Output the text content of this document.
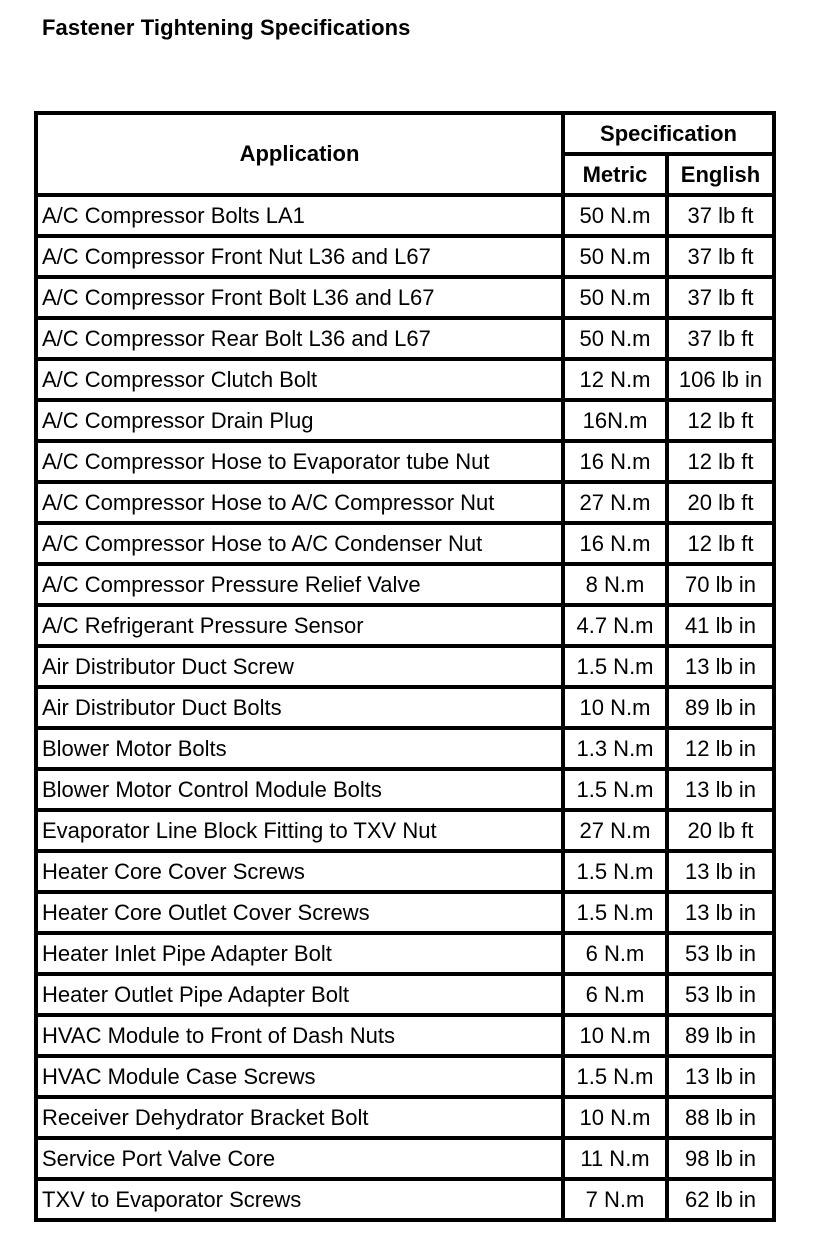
Fastener Tightening Specifications
Application	Specification	
	Metric	English
A/C Compressor Bolts LA1	50 N.m	37 lb ft
A/C Compressor Front Nut L36 and L67	50 N.m	37 lb ft
A/C Compressor Front Bolt L36 and L67	50 N.m	37 lb ft
A/C Compressor Rear Bolt L36 and L67	50 N.m	37 lb ft
A/C Compressor Clutch Bolt	12 N.m	106 lb in
A/C Compressor Drain Plug	16N.m	12 lb ft
A/C Compressor Hose to Evaporator tube Nut	16 N.m	12 lb ft
A/C Compressor Hose to A/C Compressor Nut	27 N.m	20 lb ft
A/C Compressor Hose to A/C Condenser Nut	16 N.m	12 lb ft
A/C Compressor Pressure Relief Valve	8 N.m	70 lb in
A/C Refrigerant Pressure Sensor	4.7 N.m	41 lb in
Air Distributor Duct Screw	1.5 N.m	13 lb in
Air Distributor Duct Bolts	10 N.m	89 lb in
Blower Motor Bolts	1.3 N.m	12 lb in
Blower Motor Control Module Bolts	1.5 N.m	13 lb in
Evaporator Line Block Fitting to TXV Nut	27 N.m	20 lb ft
Heater Core Cover Screws	1.5 N.m	13 lb in
Heater Core Outlet Cover Screws	1.5 N.m	13 lb in
Heater Inlet Pipe Adapter Bolt	6 N.m	53 lb in
Heater Outlet Pipe Adapter Bolt	6 N.m	53 lb in
HVAC Module to Front of Dash Nuts	10 N.m	89 lb in
HVAC Module Case Screws	1.5 N.m	13 lb in
Receiver Dehydrator Bracket Bolt	10 N.m	88 lb in
Service Port Valve Core	11 N.m	98 lb in
TXV to Evaporator Screws	7 N.m	62 lb in
